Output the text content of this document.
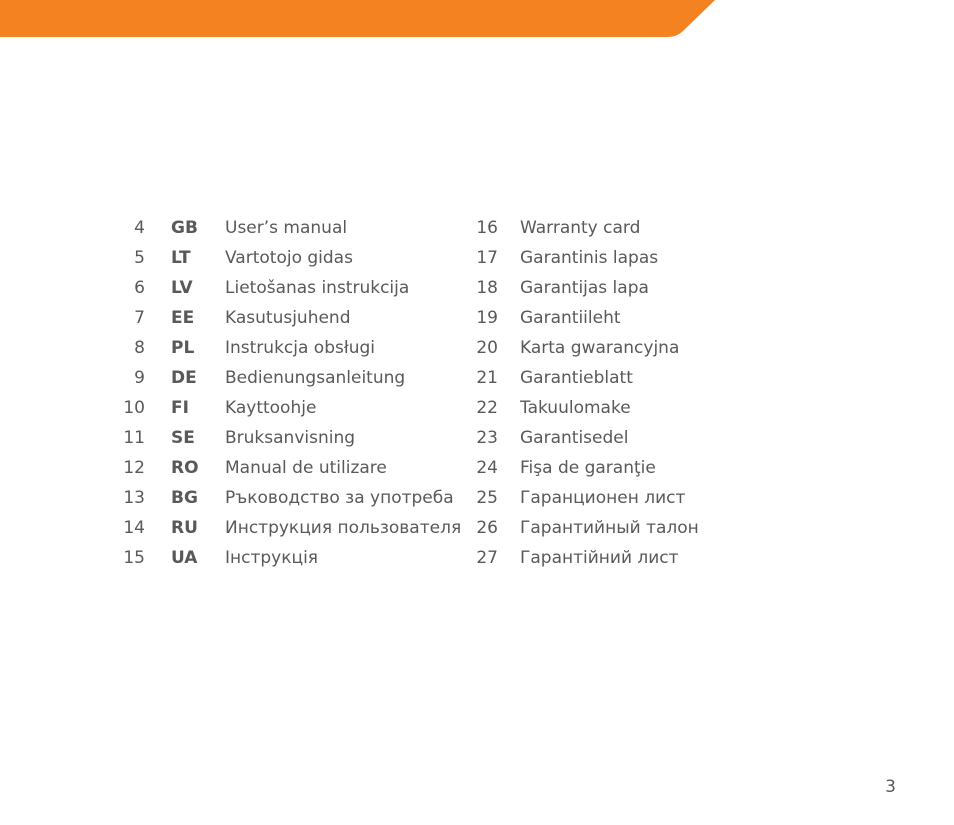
4	GB	User’s manual
5	LT	Vartotojo gidas
6	LV	Lietošanas instrukcija
7	EE	Kasutusjuhend
8	PL	Instrukcja obsługi
9	DE	Bedienungsanleitung
10	FI	Kayttoohje
11	SE	Bruksanvisning
12	RO	Manual de utilizare
13	BG	Ръководство за употреба
14	RU	Инструкция пользователя
15	UA	Інструкція
16	Warranty card
17	Garantinis lapas
18	Garantijas lapa
19	Garantiileht
20	Karta gwarancyjna
21	Garantieblatt
22	Takuulomake
23	Garantisedel
24	Fişa de garanţie
25	Гаранционен лист
26	Гарантийный талон
27	Гарантійний лист
3
